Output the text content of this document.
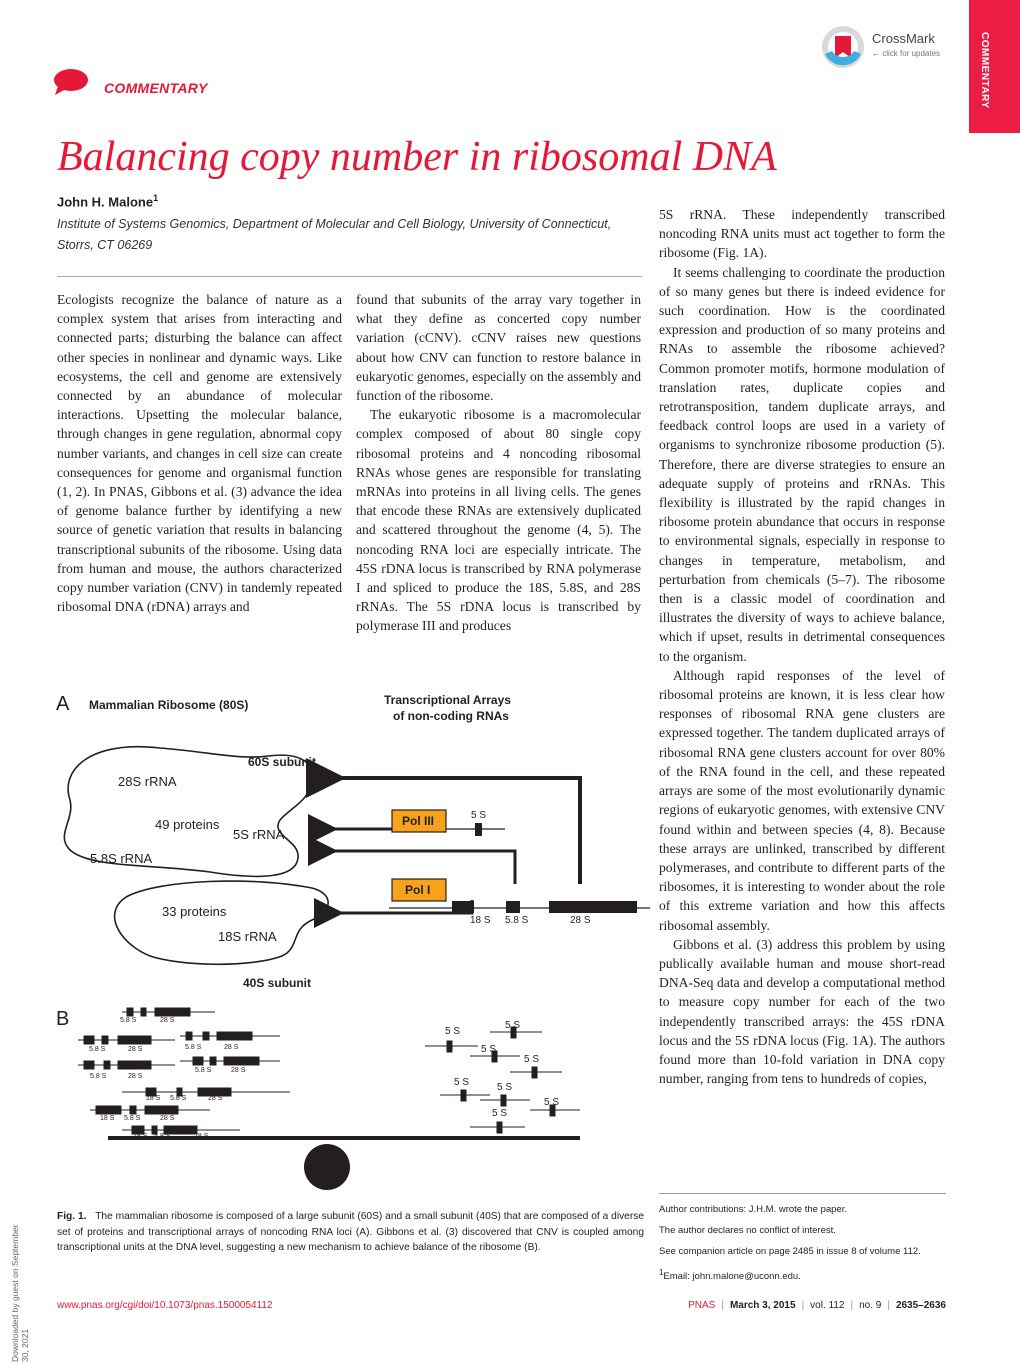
COMMENTARY
COMMENTARY
CrossMark
← click for updates
Balancing copy number in ribosomal DNA
John H. Malone$^1$
Institute of Systems Genomics, Department of Molecular and Cell Biology, University of Connecticut, Storrs, CT 06269

Ecologists recognize the balance of nature as a complex system that arises from interacting and connected parts; disturbing the balance can affect other species in nonlinear and dynamic ways. Like ecosystems, the cell and genome are extensively connected by an abundance of molecular interactions. Upsetting the molecular balance, through changes in gene regulation, abnormal copy number variants, and changes in cell size can create consequences for genome and organismal function (1, 2). In PNAS, Gibbons et al. (3) advance the idea of genome balance further by identifying a new source of genetic variation that results in balancing transcriptional subunits of the ribosome. Using data from human and mouse, the authors characterized copy number variation (CNV) in tandemly repeated ribosomal DNA (rDNA) arrays and

found that subunits of the array vary together in what they define as concerted copy number variation (cCNV). cCNV raises new questions about how CNV can function to restore balance in eukaryotic genomes, especially on the assembly and function of the ribosome.

The eukaryotic ribosome is a macromolecular complex composed of about 80 single copy ribosomal proteins and 4 noncoding ribosomal RNAs whose genes are responsible for translating mRNAs into proteins in all living cells. The genes that encode these RNAs are extensively duplicated and scattered throughout the genome (4, 5). The noncoding RNA loci are especially intricate. The 45S rDNA locus is transcribed by RNA polymerase I and spliced to produce the 18S, 5.8S, and 28S rRNAs. The 5S rDNA locus is transcribed by polymerase III and produces

5S rRNA. These independently transcribed noncoding RNA units must act together to form the ribosome (Fig. 1A).

It seems challenging to coordinate the production of so many genes but there is indeed evidence for such coordination. How is the coordinated expression and production of so many proteins and RNAs to assemble the ribosome achieved? Common promoter motifs, hormone modulation of translation rates, duplicate copies and retrotransposition, tandem duplicate arrays, and feedback control loops are used in a variety of organisms to synchronize ribosome production (5). Therefore, there are diverse strategies to ensure an adequate supply of proteins and rRNAs. This flexibility is illustrated by the rapid changes in ribosome protein abundance that occurs in response to environmental signals, especially in response to changes in temperature, metabolism, and perturbation from chemicals (5–7). The ribosome then is a classic model of coordination and illustrates the diversity of ways to achieve balance, which if upset, results in detrimental consequences to the organism.

Although rapid responses of the level of ribosomal proteins are known, it is less clear how responses of ribosomal RNA gene clusters are expressed together. The tandem duplicated arrays of ribosomal RNA gene clusters account for over 80% of the RNA found in the cell, and these repeated arrays are some of the most evolutionarily dynamic regions of eukaryotic genomes, with extensive CNV found within and between species (4, 8). Because these arrays are unlinked, transcribed by different polymerases, and contribute to different parts of the ribosomes, it is interesting to wonder about the role of this extreme variation and how this affects ribosomal assembly.

Gibbons et al. (3) address this problem by using publically available human and mouse short-read DNA-Seq data and develop a computational method to measure copy number for each of the two independently transcribed arrays: the 45S rDNA locus and the 5S rDNA locus (Fig. 1A). The authors found more than 10-fold variation in DNA copy number, ranging from tens to hundreds of copies,

A Mammalian Ribosome (80S)	Transcriptional Arrays
of non-coding RNAs
60S subunit
28S rRNA
49 proteins
5S rRNA
5.8S rRNA
33 proteins
18S rRNA
40S subunit
Pol III
Pol I
5 S
18 S 5.8 S	28 S
B	5.8 S	28 S
5.8 S	28 S	5.8 S	28 S
5.8 S	28 S
5.8 S	28 S
18 S 5.8 S	28 S
18 S 5.8 S	28 S
18 S 5.8 S	28 S
5 S
5 S
5 S
5 S
5 S	5 S
5 S
5 S
Fig. 1. The mammalian ribosome is composed of a large subunit (60S) and a small subunit (40S) that are composed of a diverse set of proteins and transcriptional arrays of noncoding RNA loci (A). Gibbons et al. (3) discovered that CNV is coupled among transcriptional units at the DNA level, suggesting a new mechanism to achieve balance of the ribosome (B).
Author contributions: J.H.M. wrote the paper.
The author declares no conflict of interest.
See companion article on page 2485 in issue 8 of volume 112.
$^1$Email: john.malone@uconn.edu.
www.pnas.org/cgi/doi/10.1073/pnas.1500054112	PNAS | March 3, 2015 | vol. 112 | no. 9 | 2635–2636
Downloaded by guest on September 30, 2021
